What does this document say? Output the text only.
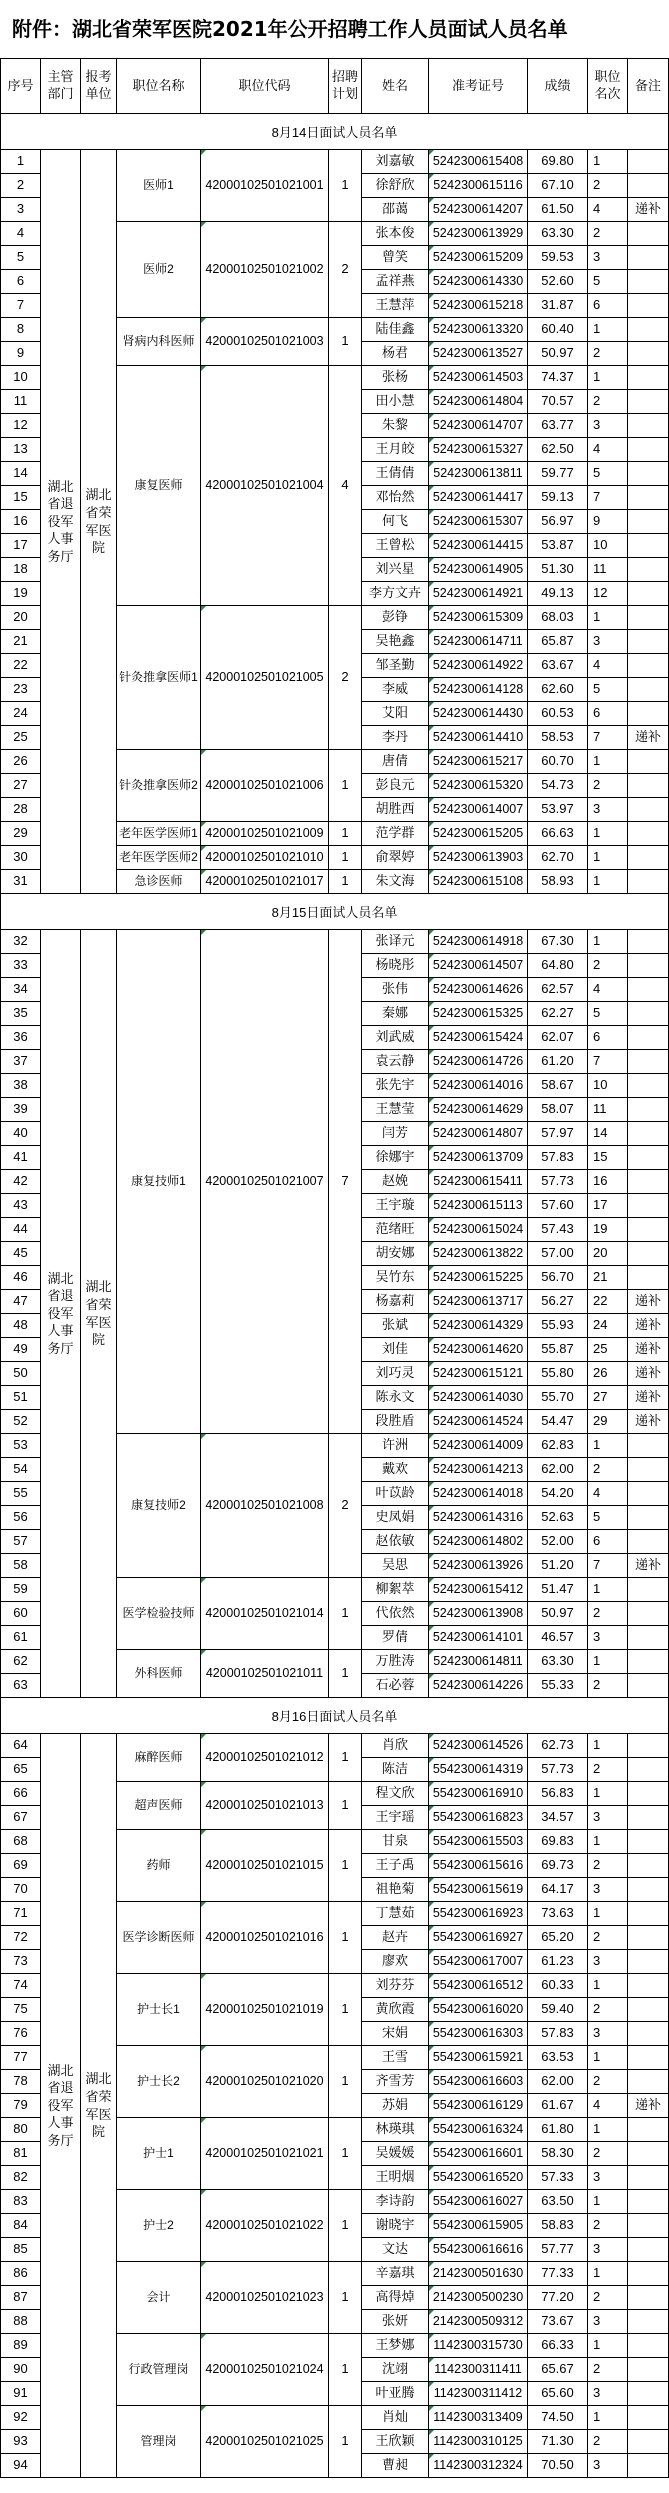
附件：湖北省荣军医院2021年公开招聘工作人员面试人员名单
序号	主管部门	报考单位	职位名称	职位代码	招聘计划	姓名	准考证号	成绩	职位名次	备注
8月14日面试人员名单										
1	湖北省退役军人事务厅	湖北省荣军医院	医师1	42000102501021001	1	刘嘉敏	5242300615408	69.80	1	
2						徐舒欣	5242300615116	67.10	2	
3						邵蔼	5242300614207	61.50	4	递补
4			医师2	42000102501021002	2	张本俊	5242300613929	63.30	2	
5						曾笑	5242300615209	59.53	3	
6						孟祥燕	5242300614330	52.60	5	
7						王慧萍	5242300615218	31.87	6	
8			肾病内科医师	42000102501021003	1	陆佳鑫	5242300613320	60.40	1	
9						杨君	5242300613527	50.97	2	
10			康复医师	42000102501021004	4	张杨	5242300614503	74.37	1	
11						田小慧	5242300614804	70.57	2	
12						朱黎	5242300614707	63.77	3	
13						王月皎	5242300615327	62.50	4	
14						王倩倩	5242300613811	59.77	5	
15						邓怡然	5242300614417	59.13	7	
16						何飞	5242300615307	56.97	9	
17						王曾松	5242300614415	53.87	10	
18						刘兴星	5242300614905	51.30	11	
19						李方文卉	5242300614921	49.13	12	
20			针灸推拿医师1	42000102501021005	2	彭铮	5242300615309	68.03	1	
21						吴艳鑫	5242300614711	65.87	3	
22						邹圣勤	5242300614922	63.67	4	
23						李威	5242300614128	62.60	5	
24						艾阳	5242300614430	60.53	6	
25						李丹	5242300614410	58.53	7	递补
26			针灸推拿医师2	42000102501021006	1	唐倩	5242300615217	60.70	1	
27						彭良元	5242300615320	54.73	2	
28						胡胜西	5242300614007	53.97	3	
29			老年医学医师1	42000102501021009	1	范学群	5242300615205	66.63	1	
30			老年医学医师2	42000102501021010	1	俞翠婷	5242300613903	62.70	1	
31			急诊医师	42000102501021017	1	朱文海	5242300615108	58.93	1	
8月15日面试人员名单										
32	湖北省退役军人事务厅	湖北省荣军医院	康复技师1	42000102501021007	7	张译元	5242300614918	67.30	1	
33						杨晓彤	5242300614507	64.80	2	
34						张伟	5242300614626	62.57	4	
35						秦娜	5242300615325	62.27	5	
36						刘武威	5242300615424	62.07	6	
37						袁云静	5242300614726	61.20	7	
38						张先宇	5242300614016	58.67	10	
39						王慧莹	5242300614629	58.07	11	
40						闫芳	5242300614807	57.97	14	
41						徐娜宇	5242300613709	57.83	15	
42						赵娩	5242300615411	57.73	16	
43						王宇璇	5242300615113	57.60	17	
44						范绪旺	5242300615024	57.43	19	
45						胡安娜	5242300613822	57.00	20	
46						吴竹东	5242300615225	56.70	21	
47						杨嘉莉	5242300613717	56.27	22	递补
48						张斌	5242300614329	55.93	24	递补
49						刘佳	5242300614620	55.87	25	递补
50						刘巧灵	5242300615121	55.80	26	递补
51						陈永文	5242300614030	55.70	27	递补
52						段胜盾	5242300614524	54.47	29	递补
53			康复技师2	42000102501021008	2	许洲	5242300614009	62.83	1	
54						戴欢	5242300614213	62.00	2	
55						叶苡龄	5242300614018	54.20	4	
56						史凤娟	5242300614316	52.63	5	
57						赵依敏	5242300614802	52.00	6	
58						吴思	5242300613926	51.20	7	递补
59			医学检验技师	42000102501021014	1	柳絮萃	5242300615412	51.47	1	
60						代依然	5242300613908	50.97	2	
61						罗倩	5242300614101	46.57	3	
62			外科医师	42000102501021011	1	万胜涛	5242300614811	63.30	1	
63						石必蓉	5242300614226	55.33	2	
8月16日面试人员名单										
64	湖北省退役军人事务厅	湖北省荣军医院	麻醉医师	42000102501021012	1	肖欣	5242300614526	62.73	1	
65						陈洁	5542300614319	57.73	2	
66			超声医师	42000102501021013	1	程文欣	5542300616910	56.83	1	
67						王宇瑶	5542300616823	34.57	3	
68			药师	42000102501021015	1	甘泉	5542300615503	69.83	1	
69						王子禹	5542300615616	69.73	2	
70						祖艳菊	5542300615619	64.17	3	
71			医学诊断医师	42000102501021016	1	丁慧茹	5542300616923	73.63	1	
72						赵卉	5542300616927	65.20	2	
73						廖欢	5542300617007	61.23	3	
74			护士长1	42000102501021019	1	刘芬芬	5542300616512	60.33	1	
75						黄欣霞	5542300616020	59.40	2	
76						宋娟	5542300616303	57.83	3	
77			护士长2	42000102501021020	1	王雪	5542300615921	63.53	1	
78						齐雪芳	5542300616603	62.00	2	
79						苏娟	5542300616129	61.67	4	递补
80			护士1	42000102501021021	1	林瑛琪	5542300616324	61.80	1	
81						吴媛媛	5542300616601	58.30	2	
82						王明烟	5542300616520	57.33	3	
83			护士2	42000102501021022	1	李诗韵	5542300616027	63.50	1	
84						谢晓宇	5542300615905	58.83	2	
85						文达	5542300616616	57.77	3	
86			会计	42000102501021023	1	辛嘉琪	2142300501630	77.33	1	
87						高得焯	2142300500230	77.20	2	
88						张妍	2142300509312	73.67	3	
89			行政管理岗	42000102501021024	1	王梦娜	1142300315730	66.33	1	
90						沈翊	1142300311411	65.67	2	
91						叶亚腾	1142300311412	65.60	3	
92			管理岗	42000102501021025	1	肖灿	1142300313409	74.50	1	
93						王欣颖	1142300310125	71.30	2	
94						曹昶	1142300312324	70.50	3	
